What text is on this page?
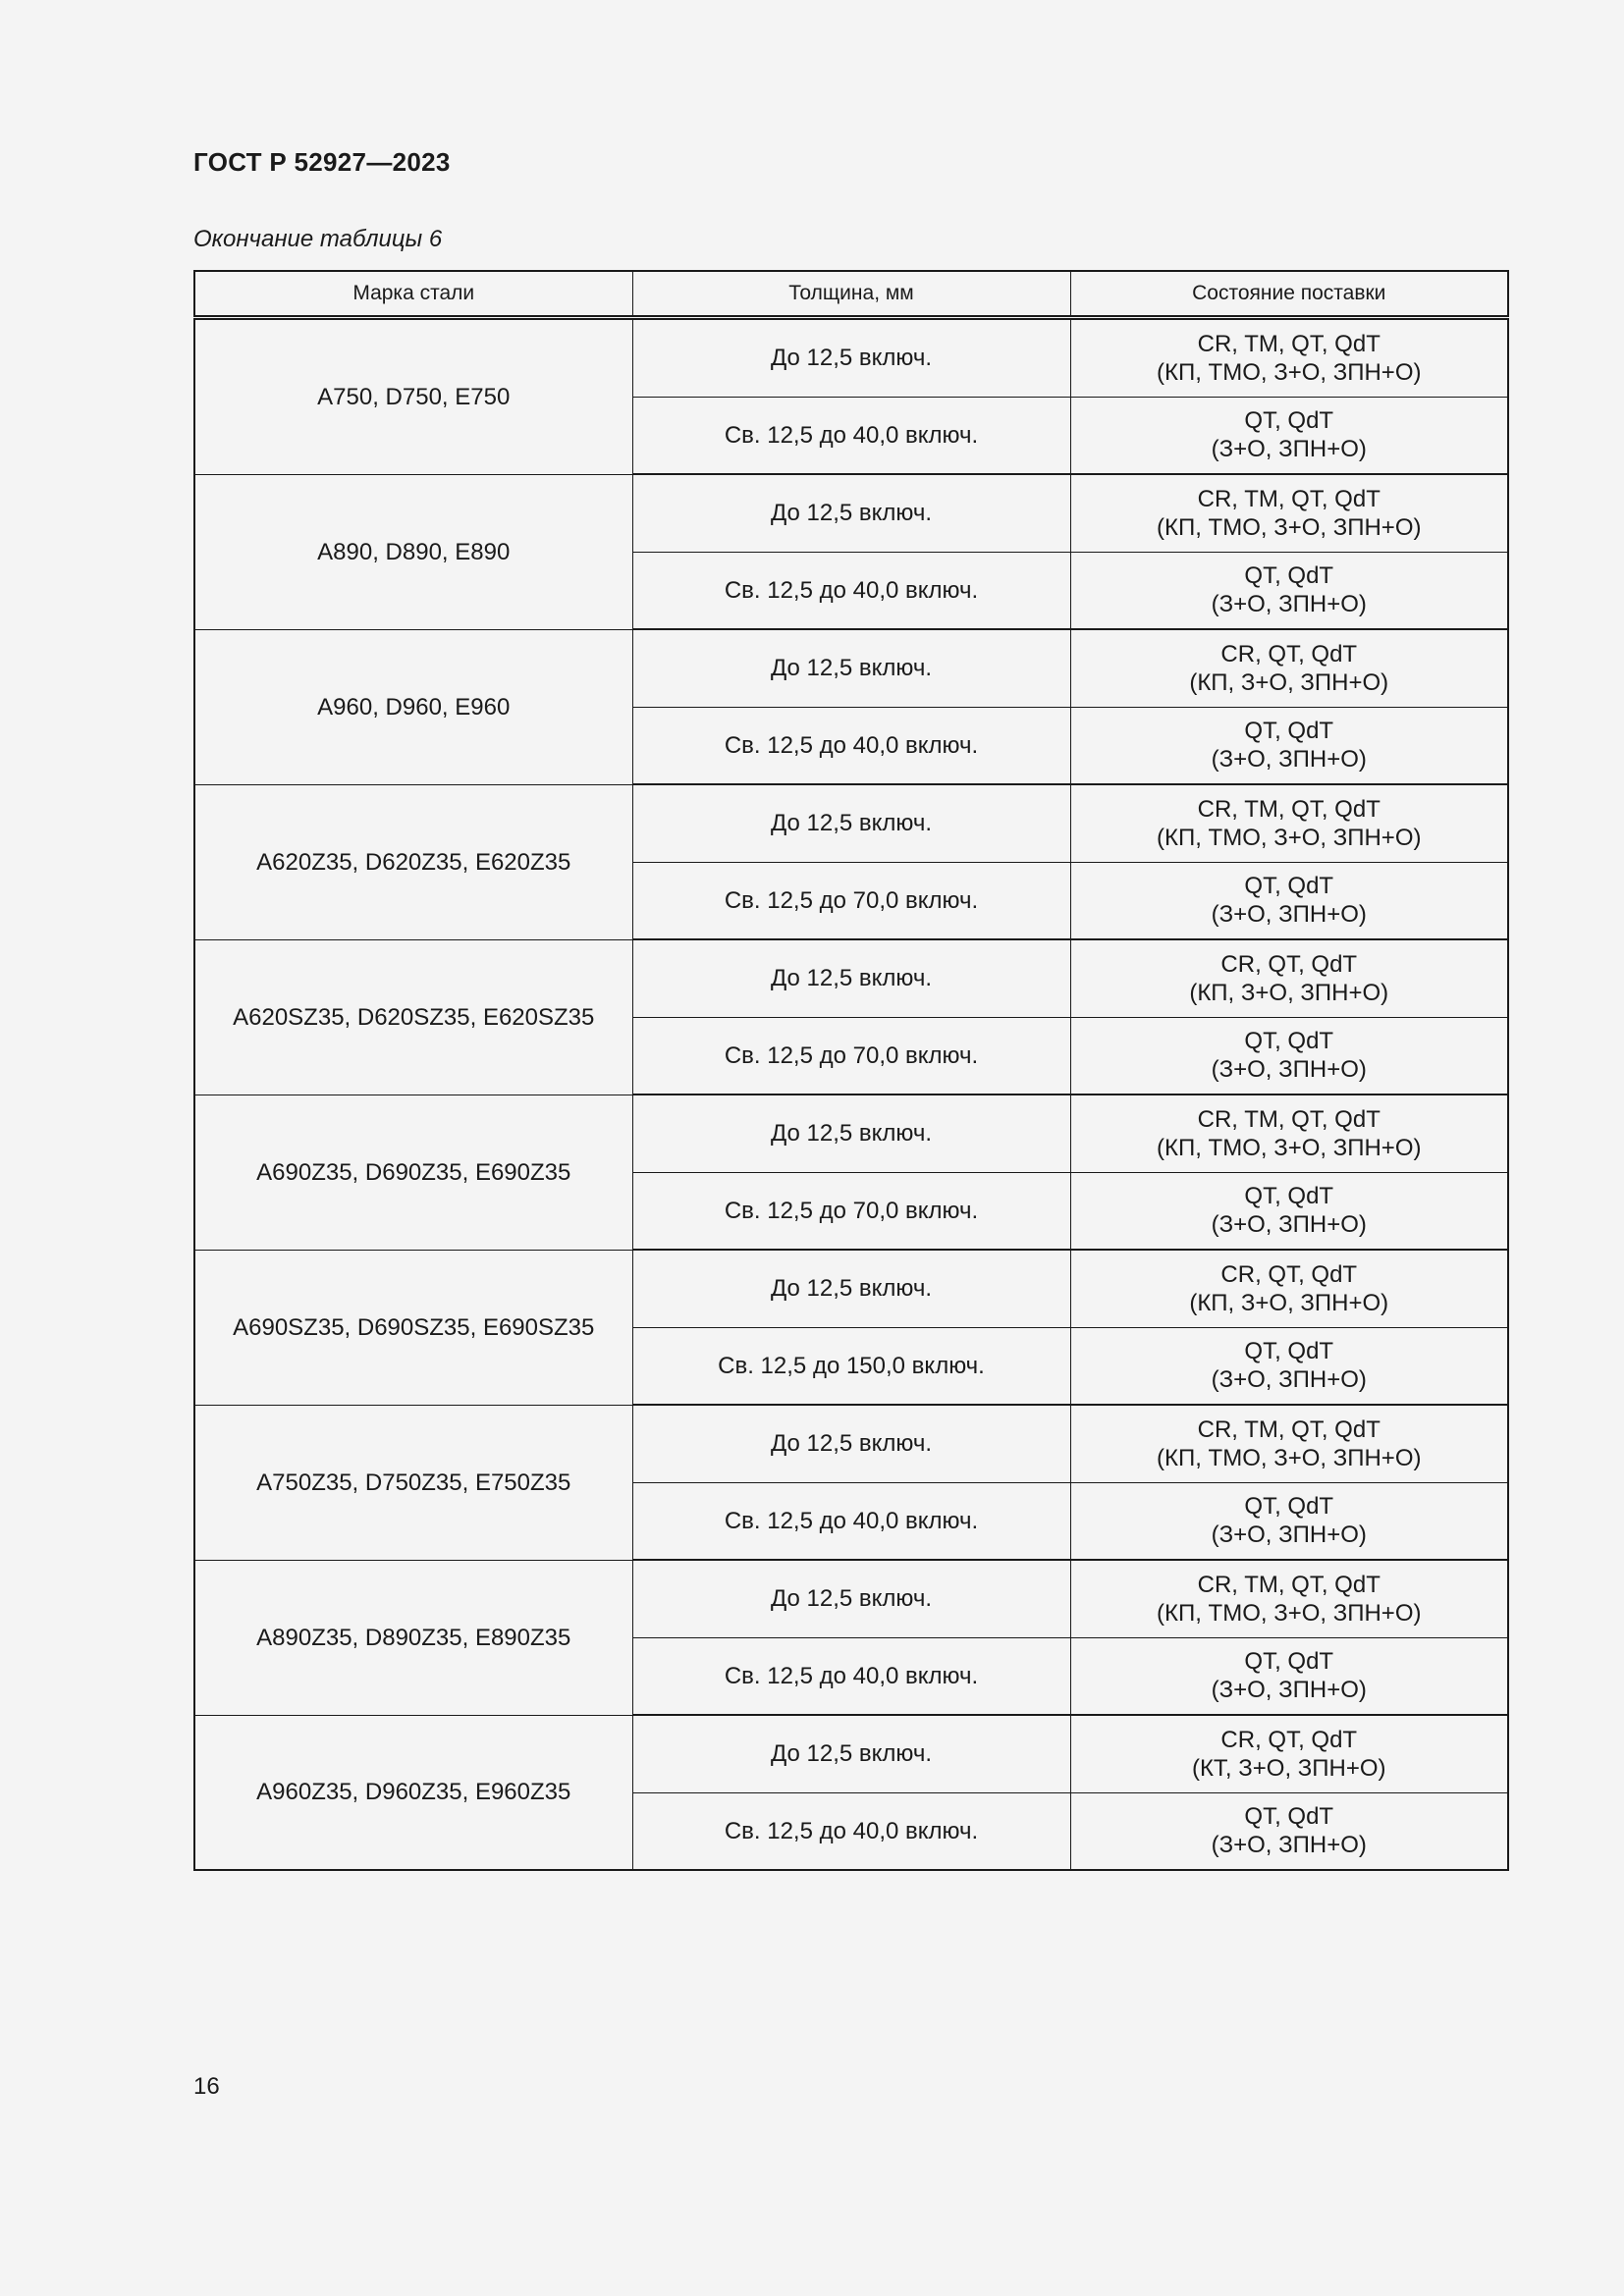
ГОСТ Р 52927—2023
Окончание таблицы 6
Марка стали	Толщина, мм	Состояние поставки
A750, D750, E750	До 12,5 включ.	CR, TM, QT, QdT
(КП, ТМО, З+О, ЗПН+О)

	Св. 12,5 до 40,0 включ.	QT, QdT
(З+О, ЗПН+О)

A890, D890, E890	До 12,5 включ.	CR, TM, QT, QdT
(КП, ТМО, З+О, ЗПН+О)

	Св. 12,5 до 40,0 включ.	QT, QdT
(З+О, ЗПН+О)

A960, D960, E960	До 12,5 включ.	CR, QT, QdT
(КП, З+О, ЗПН+О)

	Св. 12,5 до 40,0 включ.	QT, QdT
(З+О, ЗПН+О)

A620Z35, D620Z35, E620Z35	До 12,5 включ.	CR, TM, QT, QdT
(КП, ТМО, З+О, ЗПН+О)

	Св. 12,5 до 70,0 включ.	QT, QdT
(З+О, ЗПН+О)

A620SZ35, D620SZ35, E620SZ35	До 12,5 включ.	CR, QT, QdT
(КП, З+О, ЗПН+О)

	Св. 12,5 до 70,0 включ.	QT, QdT
(З+О, ЗПН+О)

A690Z35, D690Z35, E690Z35	До 12,5 включ.	CR, TM, QT, QdT
(КП, ТМО, З+О, ЗПН+О)

	Св. 12,5 до 70,0 включ.	QT, QdT
(З+О, ЗПН+О)

A690SZ35, D690SZ35, E690SZ35	До 12,5 включ.	CR, QT, QdT
(КП, З+О, ЗПН+О)

	Св. 12,5 до 150,0 включ.	QT, QdT
(З+О, ЗПН+О)

A750Z35, D750Z35, E750Z35	До 12,5 включ.	CR, TM, QT, QdT
(КП, ТМО, З+О, ЗПН+О)

	Св. 12,5 до 40,0 включ.	QT, QdT
(З+О, ЗПН+О)

A890Z35, D890Z35, E890Z35	До 12,5 включ.	CR, TM, QT, QdT
(КП, ТМО, З+О, ЗПН+О)

	Св. 12,5 до 40,0 включ.	QT, QdT
(З+О, ЗПН+О)

A960Z35, D960Z35, E960Z35	До 12,5 включ.	CR, QT, QdT
(КТ, З+О, ЗПН+О)

	Св. 12,5 до 40,0 включ.	QT, QdT
(З+О, ЗПН+О)
16
